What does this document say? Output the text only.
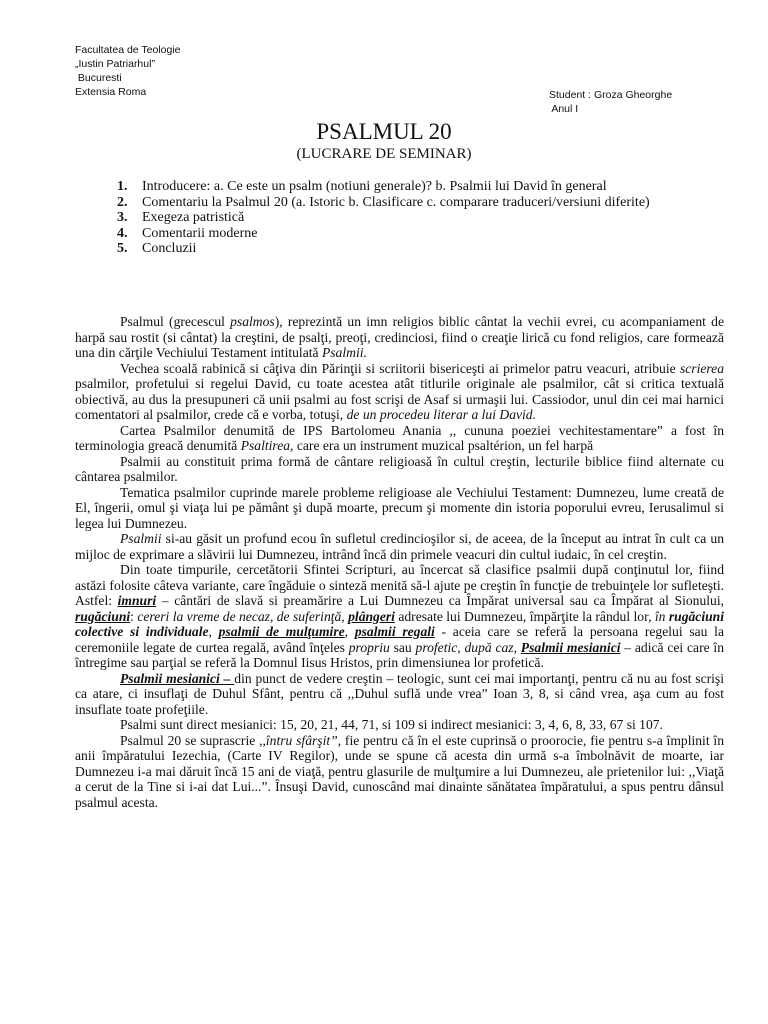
Facultatea de Teologie
„Iustin Patriarhul”
Bucuresti
Extensia Roma	Student : Groza Gheorghe
Anul I
PSALMUL 20
(LUCRARE DE SEMINAR)
1. Introducere: a. Ce este un psalm (notiuni generale)? b. Psalmii lui David în general
2. Comentariu la Psalmul 20 (a. Istoric b. Clasificare c. comparare traduceri/versiuni diferite)
3. Exegeza patristică
4. Comentarii moderne
5. Concluzii

Psalmul (grecescul psalmos), reprezintă un imn religios biblic cântat la vechii evrei, cu acompaniament de harpă sau rostit (si cântat) la creştini, de psalţi, preoţi, credinciosi, fiind o creaţie lirică cu fond religios, care formează una din cărţile Vechiului Testament intitulată Psalmii.

Vechea scoală rabinică si câţiva din Părinţii si scriitorii bisericeşti ai primelor patru veacuri, atribuie scrierea psalmilor, profetului si regelui David, cu toate acestea atât titlurile originale ale psalmilor, cât si critica textuală obiectivă, au dus la presupuneri că unii psalmi au fost scrişi de Asaf si urmaşii lui. Cassiodor, unul din cei mai harnici comentatori al psalmilor, crede că e vorba, totuşi, de un procedeu literar a lui David.

Cartea Psalmilor denumită de IPS Bartolomeu Anania ,, cununa poeziei vechitestamentare” a fost în terminologia greacă denumită Psaltirea, care era un instrument muzical psaltérion, un fel harpă

Psalmii au constituit prima formă de cântare religioasă în cultul creştin, lecturile biblice fiind alternate cu cântarea psalmilor.

Tematica psalmilor cuprinde marele probleme religioase ale Vechiului Testament: Dumnezeu, lume creată de El, îngerii, omul şi viaţa lui pe pământ şi după moarte, precum şi momente din istoria poporului evreu, Ierusalimul si legea lui Dumnezeu.

Psalmii si-au găsit un profund ecou în sufletul credincioşilor si, de aceea, de la început au intrat în cult ca un mijloc de exprimare a slăvirii lui Dumnezeu, intrând încă din primele veacuri din cultul iudaic, în cel creştin.

Din toate timpurile, cercetătorii Sfintei Scripturi, au încercat să clasifice psalmii după conţinutul lor, fiind astăzi folosite câteva variante, care îngăduie o sinteză menită să-l ajute pe creştin în funcţie de trebuinţele lor sufleteşti. Astfel: imnuri – cântări de slavă si preamărire a Lui Dumnezeu ca Împărat universal sau ca Împărat al Sionului, rugăciuni: cereri la vreme de necaz, de suferinţă, plângeri adresate lui Dumnezeu, împărţite la rândul lor, în rugăciuni colective si individuale, psalmii de mulţumire, psalmii regali - aceia care se referă la persoana regelui sau la ceremoniile legate de curtea regală, având înţeles propriu sau profetic, după caz, Psalmii mesianici – adică cei care în întregime sau parţial se referă la Domnul Iisus Hristos, prin dimensiunea lor profetică.

Psalmii mesianici – din punct de vedere creştin – teologic, sunt cei mai importanţi, pentru că nu au fost scrişi ca atare, ci insuflaţi de Duhul Sfânt, pentru că ,,Duhul suflă unde vrea” Ioan 3, 8, si când vrea, aşa cum au fost insuflate toate profeţiile.

Psalmi sunt direct mesianici: 15, 20, 21, 44, 71, si 109 si indirect mesianici: 3, 4, 6, 8, 33, 67 si 107.

Psalmul 20 se suprascrie ,,întru sfârşit”, fie pentru că în el este cuprinsă o proorocie, fie pentru s-a împlinit în anii împăratului Iezechia, (Carte IV Regilor), unde se spune că acesta din urmă s-a îmbolnăvit de moarte, iar Dumnezeu i-a mai dăruit încă 15 ani de viaţă, pentru glasurile de mulţumire a lui Dumnezeu, ale prietenilor lui: ,,Viaţă a cerut de la Tine si i-ai dat Lui...”. Însuşi David, cunoscând mai dinainte sănătatea împăratului, a spus pentru dânsul psalmul acesta.
